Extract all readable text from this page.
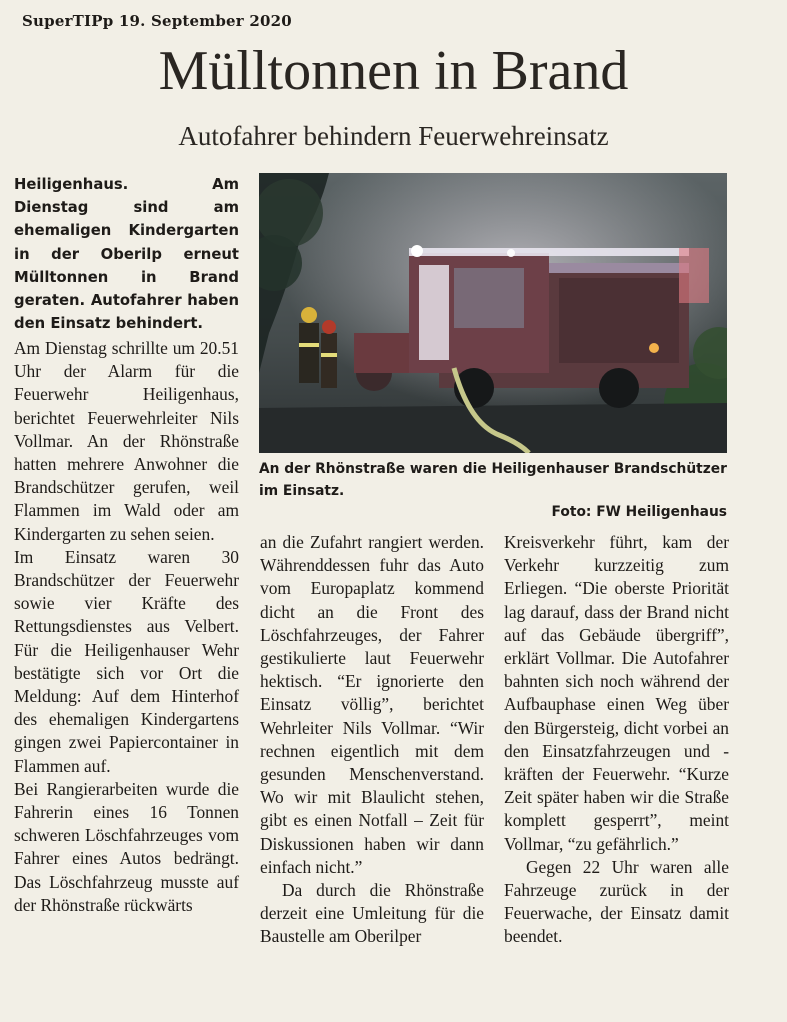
SuperTIPp 19. September 2020
Mülltonnen in Brand
Autofahrer behindern Feuerwehreinsatz
Heiligenhaus. Am Dienstag sind am ehemaligen Kindergarten in der Oberilp erneut Mülltonnen in Brand geraten. Autofahrer haben den Einsatz behindert.
An der Rhönstraße waren die Heiligenhauser Brandschützer im Einsatz.
Foto: FW Heiligenhaus

Am Dienstag schrillte um 20.51 Uhr der Alarm für die Feuerwehr Heiligenhaus, berichtet Feuerwehrleiter Nils Vollmar. An der Rhönstraße hatten mehrere Anwohner die Brandschützer gerufen, weil Flammen im Wald oder am Kindergarten zu sehen seien.

Im Einsatz waren 30 Brandschützer der Feuerwehr sowie vier Kräfte des Rettungsdienstes aus Velbert. Für die Heiligenhauser Wehr bestätigte sich vor Ort die Meldung: Auf dem Hinterhof des ehemaligen Kindergartens gingen zwei Papiercontainer in Flammen auf.

Bei Rangierarbeiten wurde die Fahrerin eines 16 Tonnen schweren Löschfahrzeuges vom Fahrer eines Autos bedrängt. Das Löschfahrzeug musste auf der Rhönstraße rückwärts

an die Zufahrt rangiert werden. Währenddessen fuhr das Auto vom Europaplatz kommend dicht an die Front des Löschfahrzeuges, der Fahrer gestikulierte laut Feuerwehr hektisch. “Er ignorierte den Einsatz völlig”, berichtet Wehrleiter Nils Vollmar. “Wir rechnen eigentlich mit dem gesunden Menschenverstand. Wo wir mit Blaulicht stehen, gibt es einen Notfall – Zeit für Diskussionen haben wir dann einfach nicht.”

Da durch die Rhönstraße derzeit eine Umleitung für die Baustelle am Oberilper

Kreisverkehr führt, kam der Verkehr kurzzeitig zum Erliegen. “Die oberste Priorität lag darauf, dass der Brand nicht auf das Gebäude übergriff”, erklärt Vollmar. Die Autofahrer bahnten sich noch während der Aufbauphase einen Weg über den Bürgersteig, dicht vorbei an den Einsatzfahrzeugen und -kräften der Feuerwehr. “Kurze Zeit später haben wir die Straße komplett gesperrt”, meint Vollmar, “zu gefährlich.”

Gegen 22 Uhr waren alle Fahrzeuge zurück in der Feuerwache, der Einsatz damit beendet.
